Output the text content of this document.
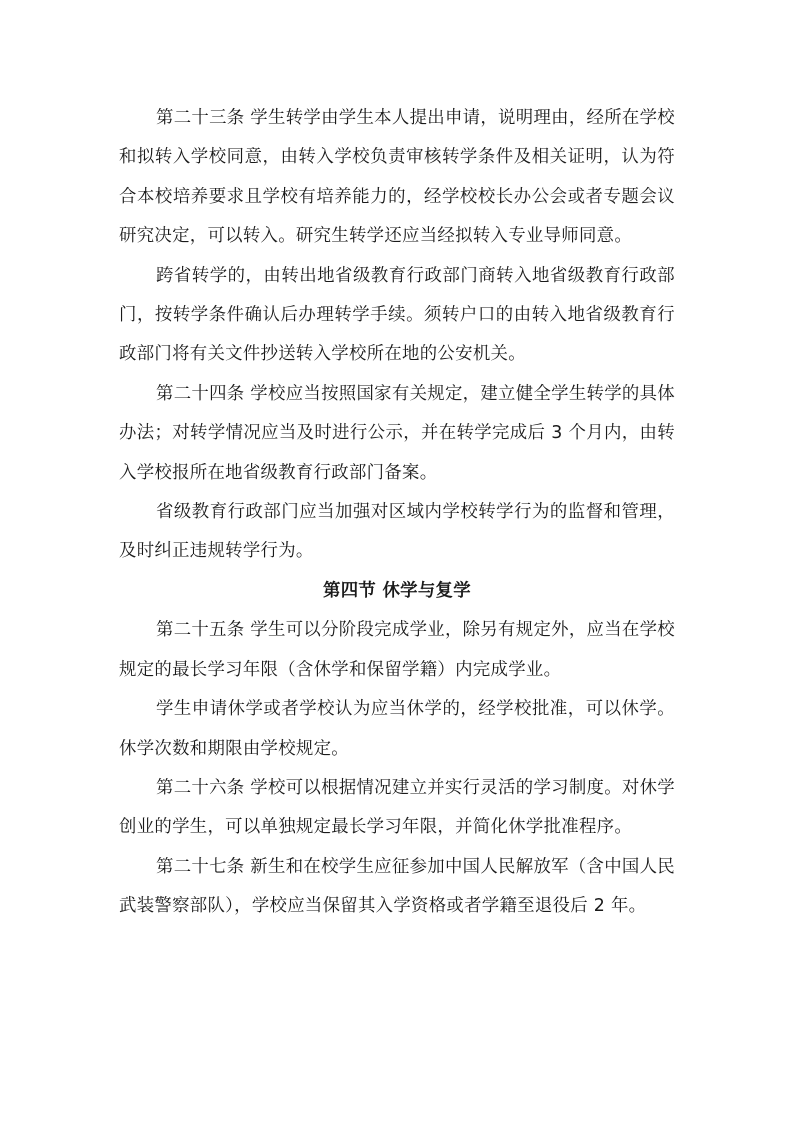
第二十三条 学生转学由学生本人提出申请，说明理由，经所在学校和拟转入学校同意，由转入学校负责审核转学条件及相关证明，认为符合本校培养要求且学校有培养能力的，经学校校长办公会或者专题会议研究决定，可以转入。研究生转学还应当经拟转入专业导师同意。

跨省转学的，由转出地省级教育行政部门商转入地省级教育行政部门，按转学条件确认后办理转学手续。须转户口的由转入地省级教育行政部门将有关文件抄送转入学校所在地的公安机关。

第二十四条 学校应当按照国家有关规定，建立健全学生转学的具体办法；对转学情况应当及时进行公示，并在转学完成后 3 个月内，由转入学校报所在地省级教育行政部门备案。

省级教育行政部门应当加强对区域内学校转学行为的监督和管理，及时纠正违规转学行为。

第四节 休学与复学

第二十五条 学生可以分阶段完成学业，除另有规定外，应当在学校规定的最长学习年限（含休学和保留学籍）内完成学业。

学生申请休学或者学校认为应当休学的，经学校批准，可以休学。休学次数和期限由学校规定。

第二十六条 学校可以根据情况建立并实行灵活的学习制度。对休学创业的学生，可以单独规定最长学习年限，并简化休学批准程序。

第二十七条 新生和在校学生应征参加中国人民解放军（含中国人民武装警察部队），学校应当保留其入学资格或者学籍至退役后 2 年。
